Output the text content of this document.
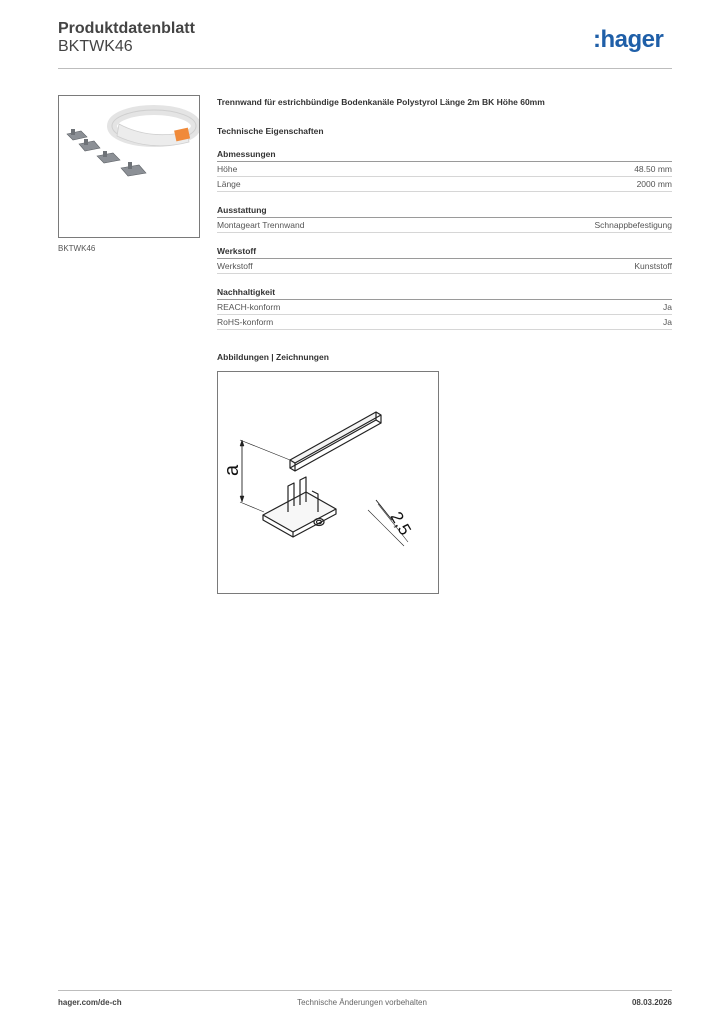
Produktdatenblatt
BKTWK46	:hager
BKTWK46
Trennwand für estrichbündige Bodenkanäle Polystyrol Länge 2m BK Höhe 60mm
Technische Eigenschaften
Abmessungen
Höhe	48.50 mm
Länge	2000 mm
Ausstattung
Montageart Trennwand	Schnappbefestigung
Werkstoff
Werkstoff	Kunststoff
Nachhaltigkeit
REACH-konform	Ja
RoHS-konform	Ja
Abbildungen | Zeichnungen
a
2,5
hager.com/de-ch	Technische Änderungen vorbehalten	08.03.2026
